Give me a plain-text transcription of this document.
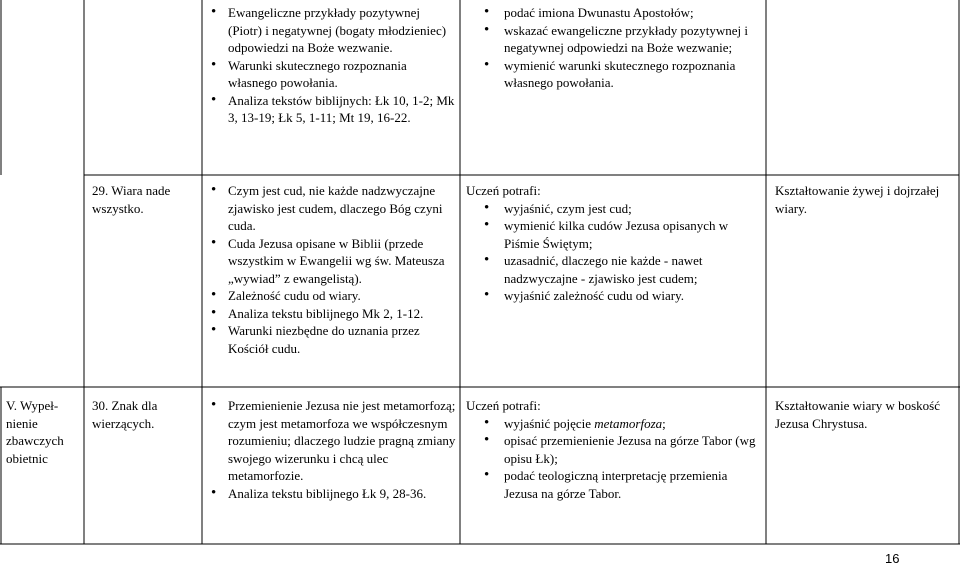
• Ewangeliczne przykłady pozytywnej (Piotr) i negatywnej (bogaty młodzieniec) odpowiedzi na Boże wezwanie.
• Warunki skutecznego rozpoznania własnego powołania.
• Analiza tekstów biblijnych: Łk 10, 1-2; Mk 3, 13-19; Łk 5, 1-11; Mt 19, 16-22.
• podać imiona Dwunastu Apostołów;
• wskazać ewangeliczne przykłady pozytywnej i negatywnej odpowiedzi na Boże wezwanie;
• wymienić warunki skutecznego rozpoznania własnego powołania.
29. Wiara nade wszystko.
• Czym jest cud, nie każde nadzwyczajne zjawisko jest cudem, dlaczego Bóg czyni cuda.
• Cuda Jezusa opisane w Biblii (przede wszystkim w Ewangelii wg św. Mateusza „wywiad” z ewangelistą).
• Zależność cudu od wiary.
• Analiza tekstu biblijnego Mk 2, 1-12.
• Warunki niezbędne do uznania przez Kościół cudu.
Uczeń potrafi:
• wyjaśnić, czym jest cud;
• wymienić kilka cudów Jezusa opisanych w Piśmie Świętym;
• uzasadnić, dlaczego nie każde - nawet nadzwyczajne - zjawisko jest cudem;
• wyjaśnić zależność cudu od wiary.
Kształtowanie żywej i dojrzałej wiary.
V. Wypeł- nienie zbawczych obietnic
30. Znak dla wierzących.
• Przemienienie Jezusa nie jest metamorfozą; czym jest metamorfoza we współczesnym rozumieniu; dlaczego ludzie pragną zmiany swojego wizerunku i chcą ulec metamorfozie.
• Analiza tekstu biblijnego Łk 9, 28-36.
Uczeń potrafi:
• wyjaśnić pojęcie metamorfoza;
• opisać przemienienie Jezusa na górze Tabor (wg opisu Łk);
• podać teologiczną interpretację przemienia Jezusa na górze Tabor.
Kształtowanie wiary w boskość Jezusa Chrystusa.
16
